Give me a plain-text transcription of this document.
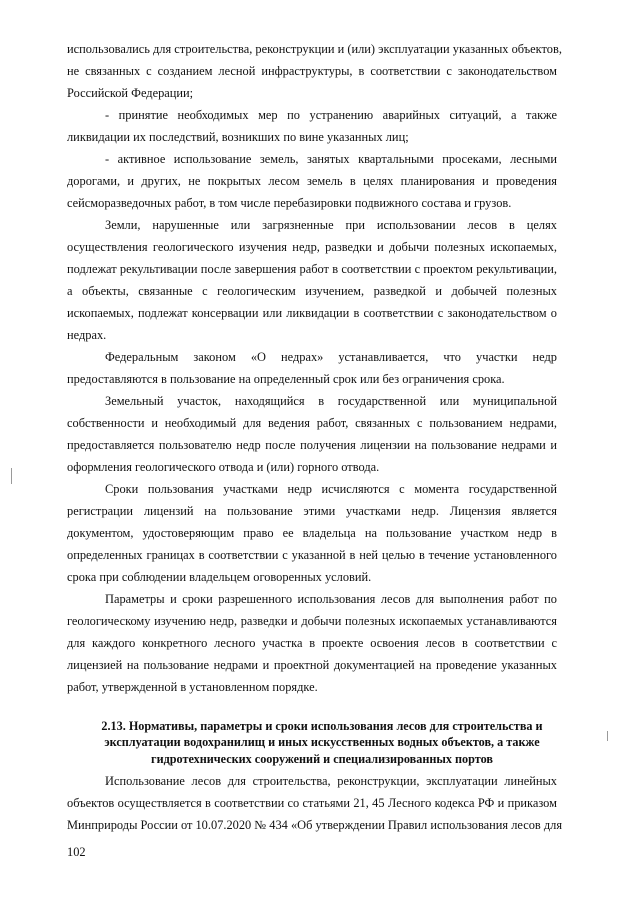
использовались для строительства, реконструкции и (или) эксплуатации указанных объектов,
не связанных с созданием лесной инфраструктуры, в соответствии с законодательством
Российской Федерации;
- принятие необходимых мер по устранению аварийных ситуаций, а также
ликвидации их последствий, возникших по вине указанных лиц;
- активное использование земель, занятых квартальными просеками, лесными
дорогами, и других, не покрытых лесом земель в целях планирования и проведения
сейсморазведочных работ, в том числе перебазировки подвижного состава и грузов.
Земли, нарушенные или загрязненные при использовании лесов в целях
осуществления геологического изучения недр, разведки и добычи полезных ископаемых,
подлежат рекультивации после завершения работ в соответствии с проектом рекультивации,
а объекты, связанные с геологическим изучением, разведкой и добычей полезных
ископаемых, подлежат консервации или ликвидации в соответствии с законодательством о
недрах.
Федеральным законом «О недрах» устанавливается, что участки недр
предоставляются в пользование на определенный срок или без ограничения срока.
Земельный участок, находящийся в государственной или муниципальной
собственности и необходимый для ведения работ, связанных с пользованием недрами,
предоставляется пользователю недр после получения лицензии на пользование недрами и
оформления геологического отвода и (или) горного отвода.
Сроки пользования участками недр исчисляются с момента государственной
регистрации лицензий на пользование этими участками недр. Лицензия является
документом, удостоверяющим право ее владельца на пользование участком недр в
определенных границах в соответствии с указанной в ней целью в течение установленного
срока при соблюдении владельцем оговоренных условий.
Параметры и сроки разрешенного использования лесов для выполнения работ по
геологическому изучению недр, разведки и добычи полезных ископаемых устанавливаются
для каждого конкретного лесного участка в проекте освоения лесов в соответствии с
лицензией на пользование недрами и проектной документацией на проведение указанных
работ, утвержденной в установленном порядке.
2.13. Нормативы, параметры и сроки использования лесов для строительства и
эксплуатации водохранилищ и иных искусственных водных объектов, а также
гидротехнических сооружений и специализированных портов
Использование лесов для строительства, реконструкции, эксплуатации линейных
объектов осуществляется в соответствии со статьями 21, 45 Лесного кодекса РФ и приказом
Минприроды России от 10.07.2020 № 434 «Об утверждении Правил использования лесов для
102
